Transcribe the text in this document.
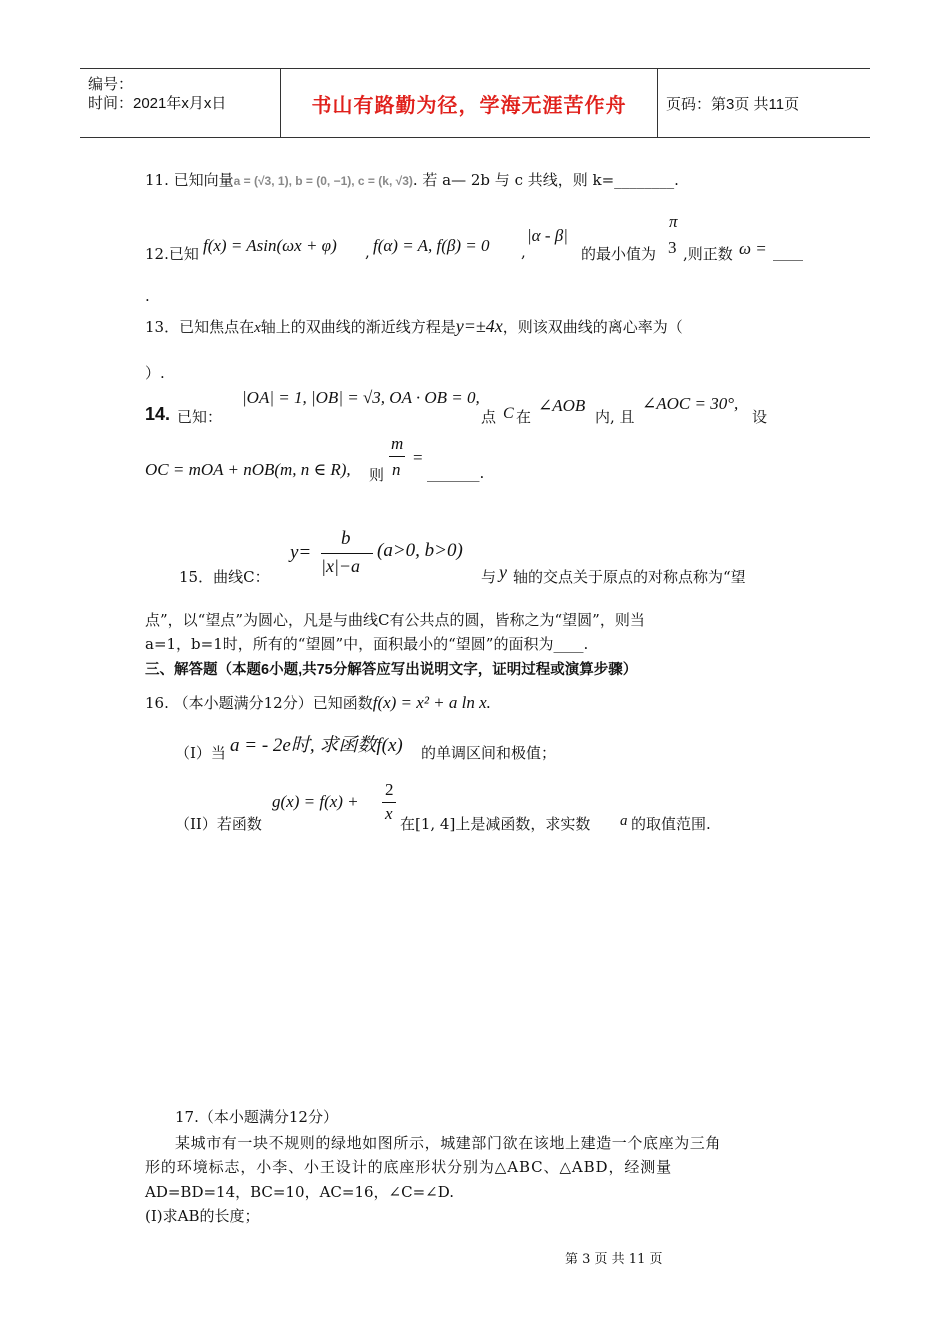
编号：
时间：2021年x月x日	书山有路勤为径，学海无涯苦作舟	页码：第3页 共11页
11. 已知向量a = (√3, 1), b = (0, −1), c = (k, √3). 若 a— 2b 与 c 共线，则 k=________.
12.已知 f(x) = Asin(ωx + φ) , f(α) = A, f(β) = 0 ,
|α - β|
的最小值为
π
3 ,则正数 ω = ____
.
13．已知焦点在x轴上的双曲线的渐近线方程是y=±4x，则该双曲线的离心率为（
）.
14. 已知：
|OA| = 1, |OB| = √3, OA · OB = 0,
点 C 在
∠AOB
内, 且
∠AOC = 30°,
设
OC = mOA + nOB(m, n ∈ R), 则
m
n
=
_______.
y=
b
|x|−a
(a>0, b>0)
15．曲线C：	与 y 轴的交点关于原点的对称点称为“望
点”，以“望点”为圆心，凡是与曲线C有公共点的圆，皆称之为“望圆”，则当
a=1，b=1时，所有的“望圆”中，面积最小的“望圆”的面积为____.
三、解答题（本题6小题,共75分解答应写出说明文字，证明过程或演算步骤）
16. （本小题满分12分）已知函数f(x) = x² + a ln x.
（I）当 a = - 2e时, 求函数f(x) 的单调区间和极值；
g(x) = f(x) +
2
x
（II）若函数	在[1, 4]上是减函数，求实数 a 的取值范围.
17.（本小题满分12分）
某城市有一块不规则的绿地如图所示，城建部门欲在该地上建造一个底座为三角
形的环境标志，小李、小王设计的底座形状分别为△ABC、△ABD，经测量
AD=BD=14，BC=10，AC=16，∠C=∠D.
(I)求AB的长度；
第 3 页 共 11 页
